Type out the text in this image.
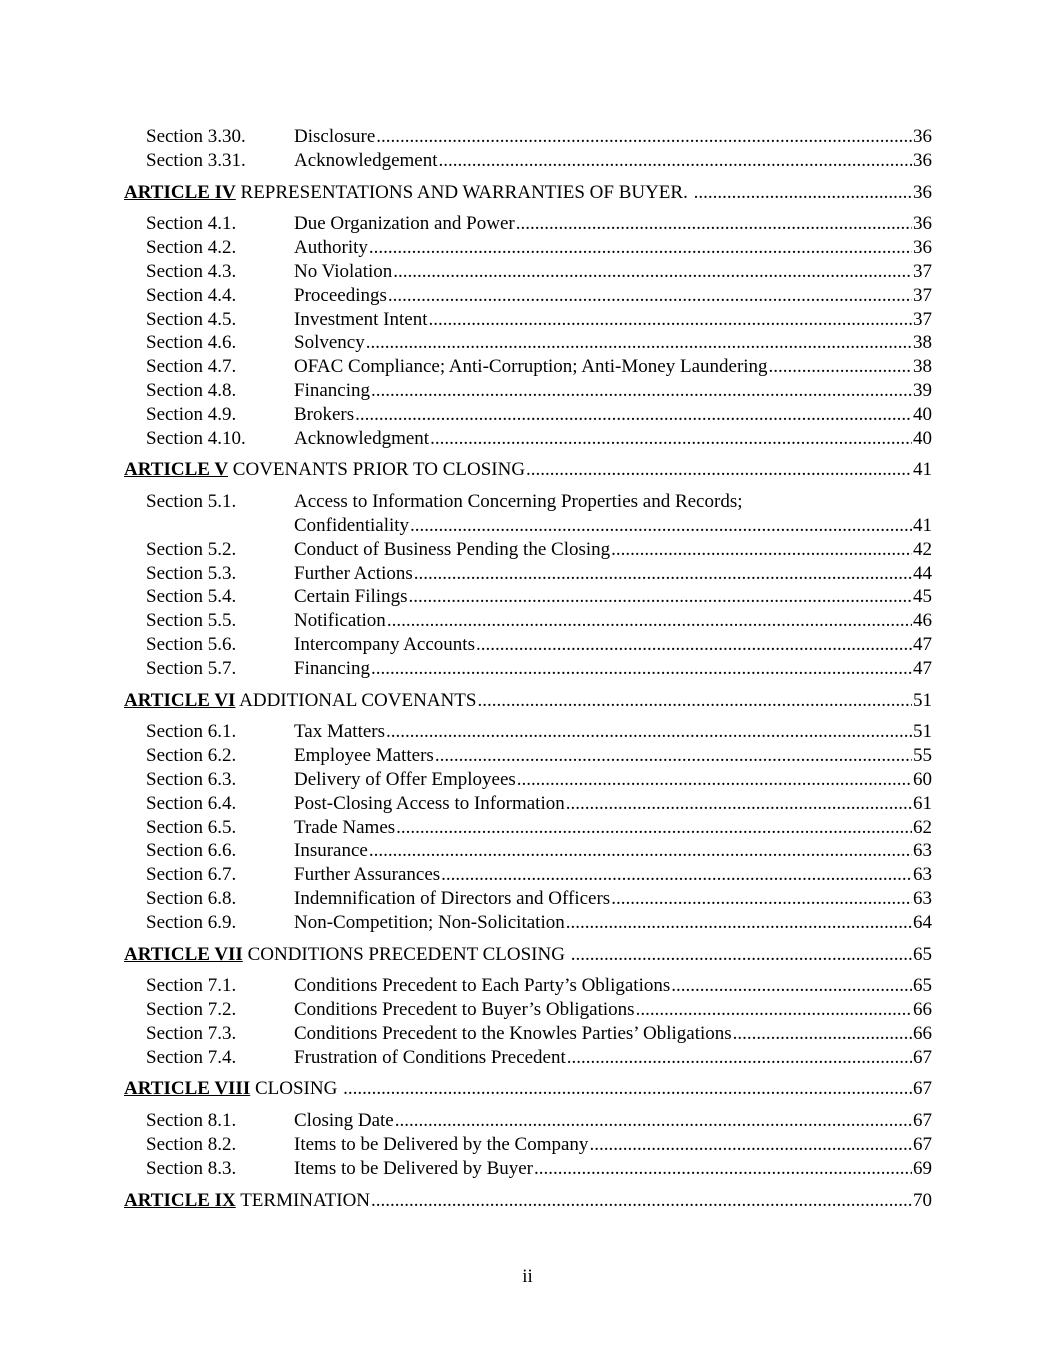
Section 3.30.	Disclosure .....	36
Section 3.31.	Acknowledgement .....	36
ARTICLE IV REPRESENTATIONS AND WARRANTIES OF BUYER. .....	36
Section 4.1.	Due Organization and Power .....	36
Section 4.2.	Authority .....	36
Section 4.3.	No Violation .....	37
Section 4.4.	Proceedings .....	37
Section 4.5.	Investment Intent .....	37
Section 4.6.	Solvency .....	38
Section 4.7.	OFAC Compliance; Anti-Corruption; Anti-Money Laundering .....	38
Section 4.8.	Financing .....	39
Section 4.9.	Brokers .....	40
Section 4.10.	Acknowledgment .....	40
ARTICLE V COVENANTS PRIOR TO CLOSING .....	41
Section 5.1.	Access to Information Concerning Properties and Records;
Confidentiality .....	41
Section 5.2.	Conduct of Business Pending the Closing .....	42
Section 5.3.	Further Actions .....	44
Section 5.4.	Certain Filings .....	45
Section 5.5.	Notification .....	46
Section 5.6.	Intercompany Accounts .....	47
Section 5.7.	Financing .....	47
ARTICLE VI ADDITIONAL COVENANTS .....	51
Section 6.1.	Tax Matters .....	51
Section 6.2.	Employee Matters .....	55
Section 6.3.	Delivery of Offer Employees .....	60
Section 6.4.	Post-Closing Access to Information .....	61
Section 6.5.	Trade Names .....	62
Section 6.6.	Insurance .....	63
Section 6.7.	Further Assurances .....	63
Section 6.8.	Indemnification of Directors and Officers .....	63
Section 6.9.	Non-Competition; Non-Solicitation .....	64
ARTICLE VII CONDITIONS PRECEDENT CLOSING .....	65
Section 7.1.	Conditions Precedent to Each Party’s Obligations .....	65
Section 7.2.	Conditions Precedent to Buyer’s Obligations .....	66
Section 7.3.	Conditions Precedent to the Knowles Parties’ Obligations .....	66
Section 7.4.	Frustration of Conditions Precedent .....	67
ARTICLE VIII CLOSING .....	67
Section 8.1.	Closing Date .....	67
Section 8.2.	Items to be Delivered by the Company .....	67
Section 8.3.	Items to be Delivered by Buyer .....	69
ARTICLE IX TERMINATION .....	70
ii
